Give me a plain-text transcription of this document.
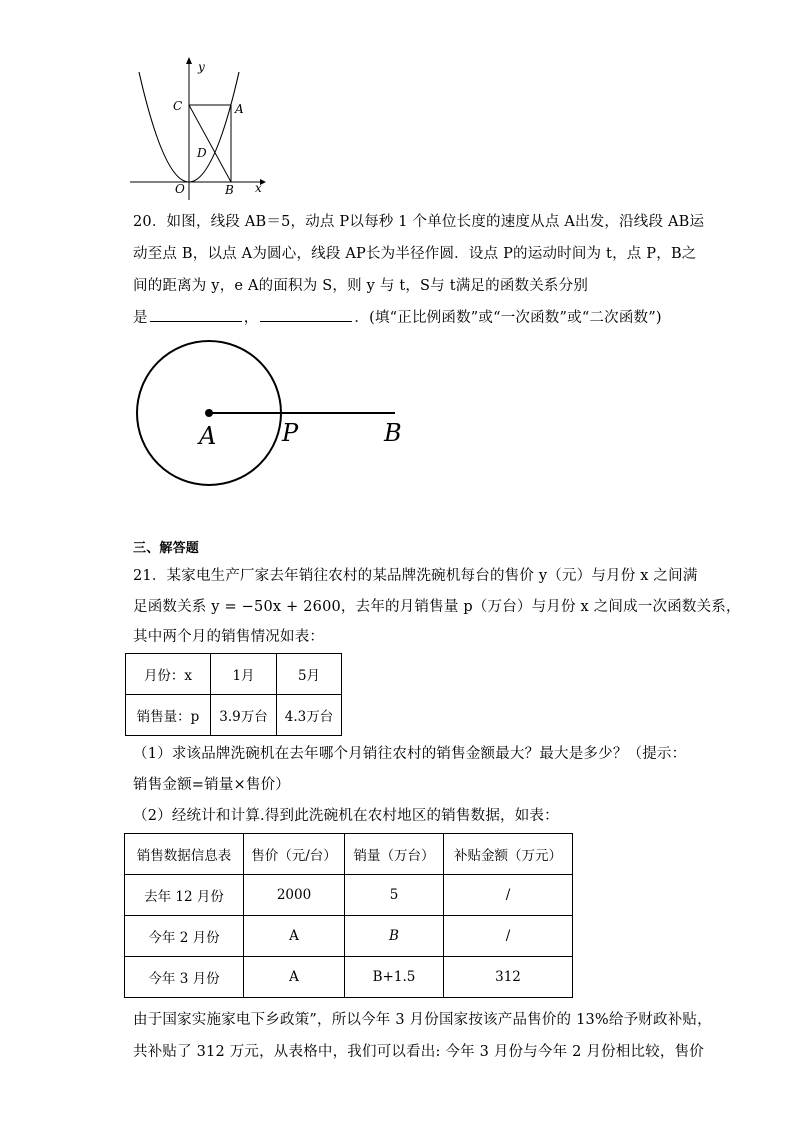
y
x
C	A
D
O	B
20．如图，线段 AB＝5，动点 P以每秒 1 个单位长度的速度从点 A出发，沿线段 AB运
动至点 B，以点 A为圆心，线段 AP长为半径作圆．设点 P的运动时间为 t，点 P，B之
间的距离为 y，e A的面积为 S，则 y 与 t，S与 t满足的函数关系分别
是	，	．(填“正比例函数”或“一次函数”或“二次函数”)
A	P	B
三、解答题
21．某家电生产厂家去年销往农村的某品牌洗碗机每台的售价 y（元）与月份 x 之间满
足函数关系 y = −50x + 2600，去年的月销售量 p（万台）与月份 x 之间成一次函数关系，
其中两个月的销售情况如表：
月份：x	1月	5月
销售量：p	3.9万台	4.3万台
（1）求该品牌洗碗机在去年哪个月销往农村的销售金额最大？最大是多少？（提示：
销售金额=销量×售价）
（2）经统计和计算.得到此洗碗机在农村地区的销售数据，如表：
销售数据信息表	售价（元/台）	销量（万台）	补贴金额（万元）
去年 12 月份	2000	5	/
今年 2 月份	A	B	/
今年 3 月份	A	B+1.5	312
由于国家实施家电下乡政策”，所以今年 3 月份国家按该产品售价的 13%给予财政补贴，
共补贴了 312 万元，从表格中，我们可以看出: 今年 3 月份与今年 2 月份相比较，售价
